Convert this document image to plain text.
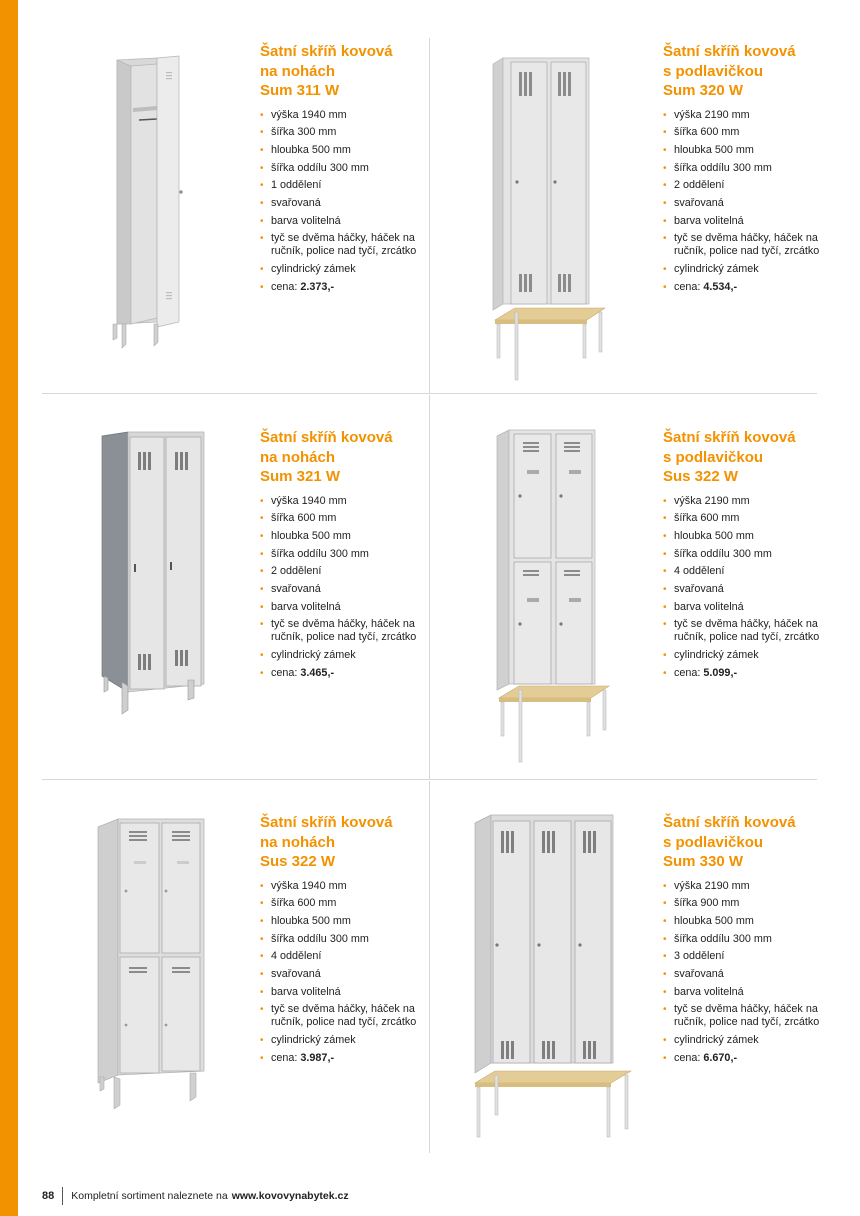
Šatní skříň kovová
na nohách
Sum 311 W
• výška 1940 mm
• šířka 300 mm
• hloubka 500 mm
• šířka oddílu 300 mm
• 1 oddělení
• svařovaná
• barva volitelná
• tyč se dvěma háčky, háček na ručník, police nad tyčí, zrcátko
• cylindrický zámek
• cena: 2.373,-
Šatní skříň kovová
s podlavičkou
Sum 320 W
• výška 2190 mm
• šířka 600 mm
• hloubka 500 mm
• šířka oddílu 300 mm
• 2 oddělení
• svařovaná
• barva volitelná
• tyč se dvěma háčky, háček na ručník, police nad tyčí, zrcátko
• cylindrický zámek
• cena: 4.534,-
Šatní skříň kovová
na nohách
Sum 321 W
• výška 1940 mm
• šířka 600 mm
• hloubka 500 mm
• šířka oddílu 300 mm
• 2 oddělení
• svařovaná
• barva volitelná
• tyč se dvěma háčky, háček na ručník, police nad tyčí, zrcátko
• cylindrický zámek
• cena: 3.465,-
Šatní skříň kovová
s podlavičkou
Sus 322 W
• výška 2190 mm
• šířka 600 mm
• hloubka 500 mm
• šířka oddílu 300 mm
• 4 oddělení
• svařovaná
• barva volitelná
• tyč se dvěma háčky, háček na ručník, police nad tyčí, zrcátko
• cylindrický zámek
• cena: 5.099,-
Šatní skříň kovová
na nohách
Sus 322 W
• výška 1940 mm
• šířka 600 mm
• hloubka 500 mm
• šířka oddílu 300 mm
• 4 oddělení
• svařovaná
• barva volitelná
• tyč se dvěma háčky, háček na ručník, police nad tyčí, zrcátko
• cylindrický zámek
• cena: 3.987,-
Šatní skříň kovová
s podlavičkou
Sum 330 W
• výška 2190 mm
• šířka 900 mm
• hloubka 500 mm
• šířka oddílu 300 mm
• 3 oddělení
• svařovaná
• barva volitelná
• tyč se dvěma háčky, háček na ručník, police nad tyčí, zrcátko
• cylindrický zámek
• cena: 6.670,-
88 Kompletní sortiment naleznete na www.kovovynabytek.cz
